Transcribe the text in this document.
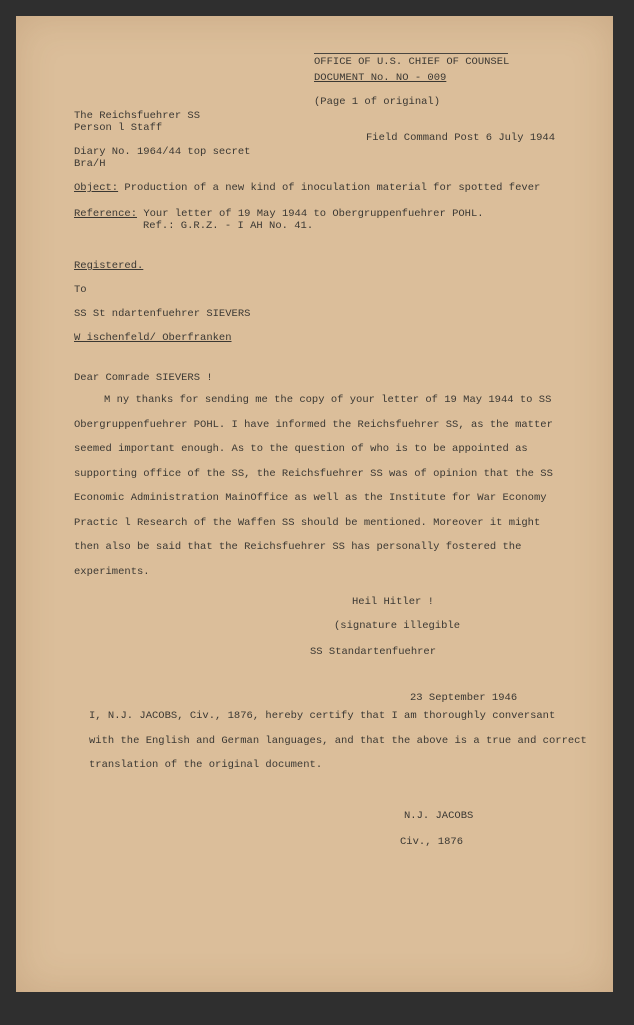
OFFICE OF U.S. CHIEF OF COUNSEL
DOCUMENT No. NO - 009
(Page 1 of original)
The Reichsfuehrer SS
Person l Staff
Field Command Post 6 July 1944
Diary No. 1964/44 top secret
Bra/H
Object: Production of a new kind of inoculation material for spotted fever
Reference: Your letter of 19 May 1944 to Obergruppenfuehrer POHL.
Ref.: G.R.Z. - I AH No. 41.
Registered.
To
SS St ndartenfuehrer SIEVERS
W ischenfeld/ Oberfranken
Dear Comrade SIEVERS !

M ny thanks for sending me the copy of your letter of 19 May 1944 to SS

Obergruppenfuehrer POHL. I have informed the Reichsfuehrer SS, as the matter

seemed important enough. As to the question of who is to be appointed as

supporting office of the SS, the Reichsfuehrer SS was of opinion that the SS

Economic Administration MainOffice as well as the Institute for War Economy

Practic l Research of the Waffen SS should be mentioned. Moreover it might

then also be said that the Reichsfuehrer SS has personally fostered the

experiments.

Heil Hitler !
(signature illegible
SS Standartenfuehrer
23 September 1946

I, N.J. JACOBS, Civ., 1876, hereby certify that I am thoroughly conversant

with the English and German languages, and that the above is a true and correct

translation of the original document.

N.J. JACOBS
Civ., 1876
